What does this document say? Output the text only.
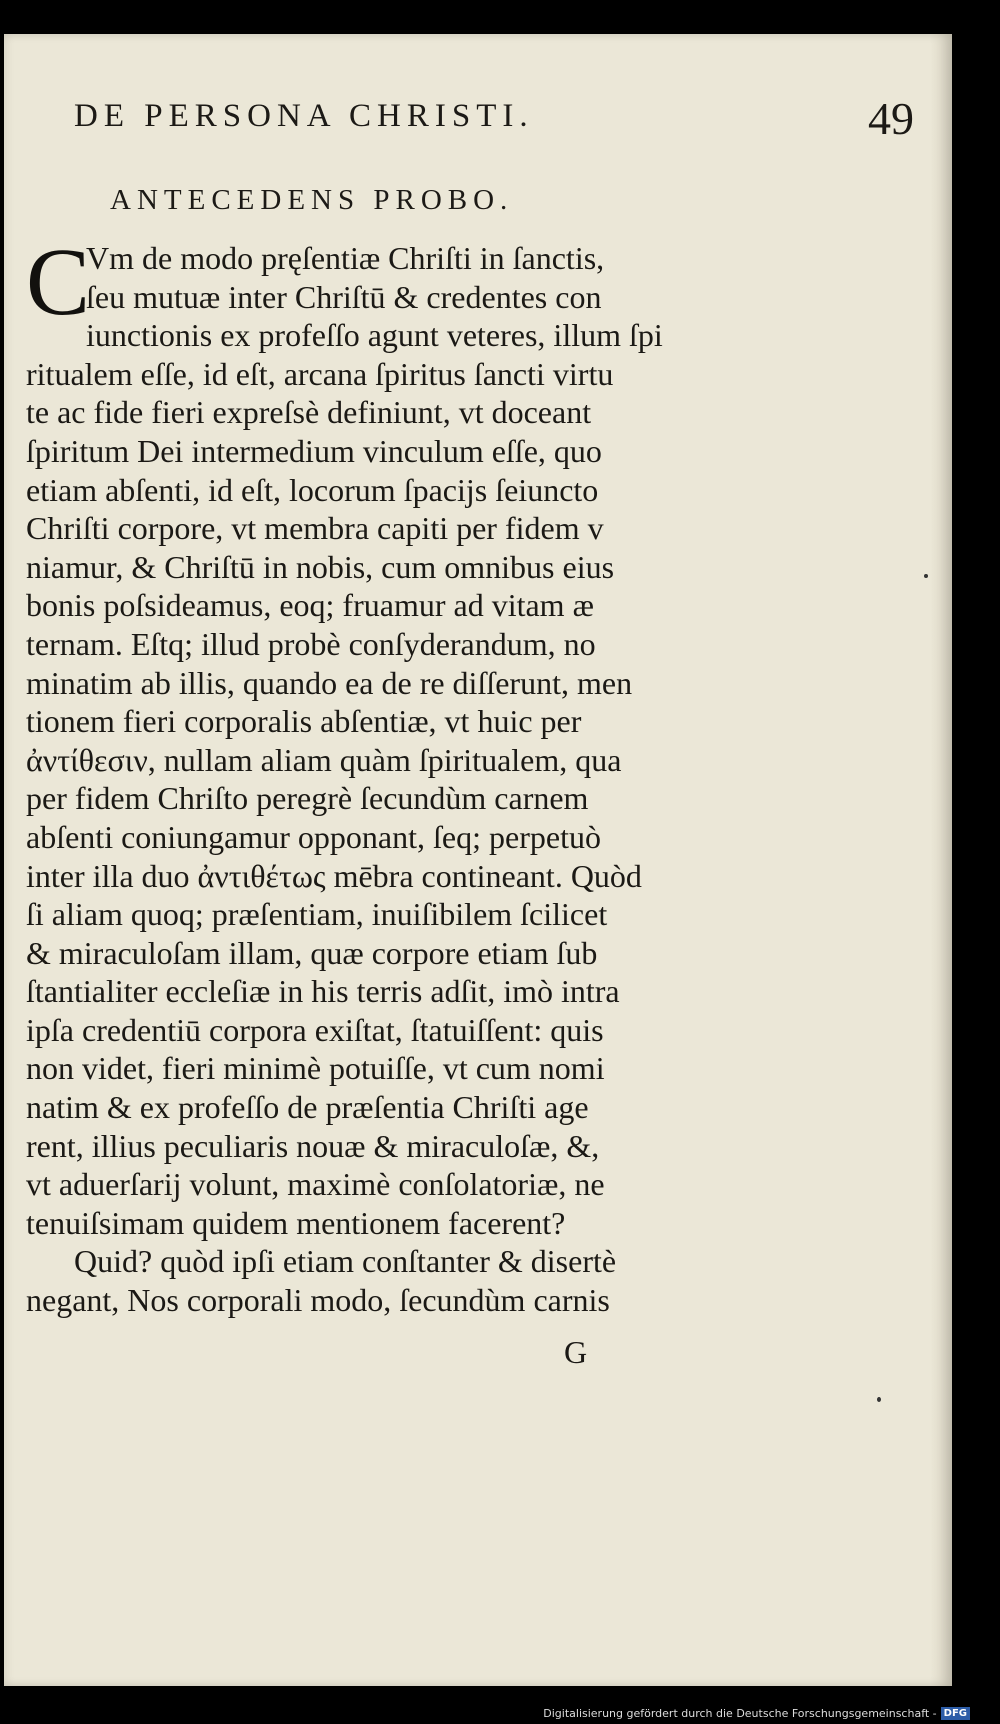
DE PERSONA CHRISTI.	49
ANTECEDENS PROBO.
C
Vm de modo pręſentiæ Chriſti in ſanctis,
ſeu mutuæ inter Chriſtū & credentes con
iunctionis ex profeſſo agunt veteres, illum ſpi
ritualem eſſe, id eſt, arcana ſpiritus ſancti virtu
te ac fide fieri expreſsè definiunt, vt doceant
ſpiritum Dei intermedium vinculum eſſe, quo
etiam abſenti, id eſt, locorum ſpacijs ſeiuncto
Chriſti corpore, vt membra capiti per fidem v
niamur, & Chriſtū in nobis, cum omnibus eius
bonis poſsideamus, eoq; fruamur ad vitam æ
ternam. Eſtq; illud probè conſyderandum, no
minatim ab illis, quando ea de re diſſerunt, men
tionem fieri corporalis abſentiæ, vt huic per
ἀντίθεσιν, nullam aliam quàm ſpiritualem, qua
per fidem Chriſto peregrè ſecundùm carnem
abſenti coniungamur opponant, ſeq; perpetuò
inter illa duo ἀντιθέτως mēbra contineant. Quòd
ſi aliam quoq; præſentiam, inuiſibilem ſcilicet
& miraculoſam illam, quæ corpore etiam ſub
ſtantialiter eccleſiæ in his terris adſit, imò intra
ipſa credentiū corpora exiſtat, ſtatuiſſent: quis
non videt, fieri minimè potuiſſe, vt cum nomi
natim & ex profeſſo de præſentia Chriſti age
rent, illius peculiaris nouæ & miraculoſæ, &,
vt aduerſarij volunt, maximè conſolatoriæ, ne
tenuiſsimam quidem mentionem facerent?
Quid? quòd ipſi etiam conſtanter & disertè
negant, Nos corporali modo, ſecundùm carnis
G
Digitalisierung gefördert durch die Deutsche Forschungsgemeinschaft - DFG
